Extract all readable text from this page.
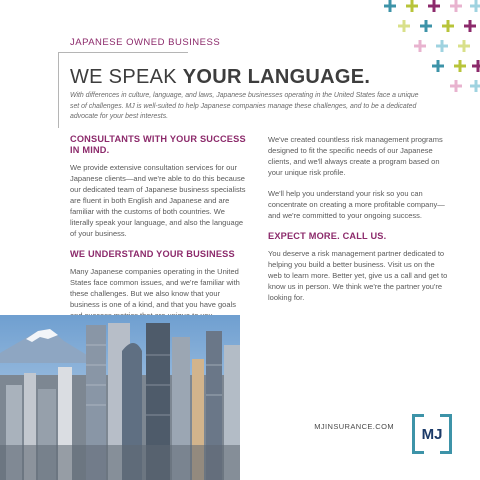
JAPANESE OWNED BUSINESS
WE SPEAK YOUR LANGUAGE.
With differences in culture, language, and laws, Japanese businesses operating in the United States face a unique set of challenges. MJ is well-suited to help Japanese companies manage these challenges, and to be a dedicated advocate for your best interests.
CONSULTANTS WITH YOUR SUCCESS IN MIND.

We provide extensive consultation services for our Japanese clients—and we're able to do this because our dedicated team of Japanese business specialists are fluent in both English and Japanese and are familiar with the customs of both countries. We literally speak your language, and also the language of your business.

WE UNDERSTAND YOUR BUSINESS

Many Japanese companies operating in the United States face common issues, and we're familiar with these challenges. But we also know that your business is one of a kind, and that you have goals

We've created countless risk management programs designed to fit the specific needs of our Japanese clients, and we'll always create a program based on your unique risk profile.

We'll help you understand your risk so you can concentrate on creating a more profitable company—and we're committed to your ongoing success.

EXPECT MORE. CALL US.

You deserve a risk management partner dedicated to helping you build a better business. Visit us on the web to learn more. Better yet, give us a call and get to know us in person. We think we're the partner you're looking for.

MJ
MJINSURANCE.COM
